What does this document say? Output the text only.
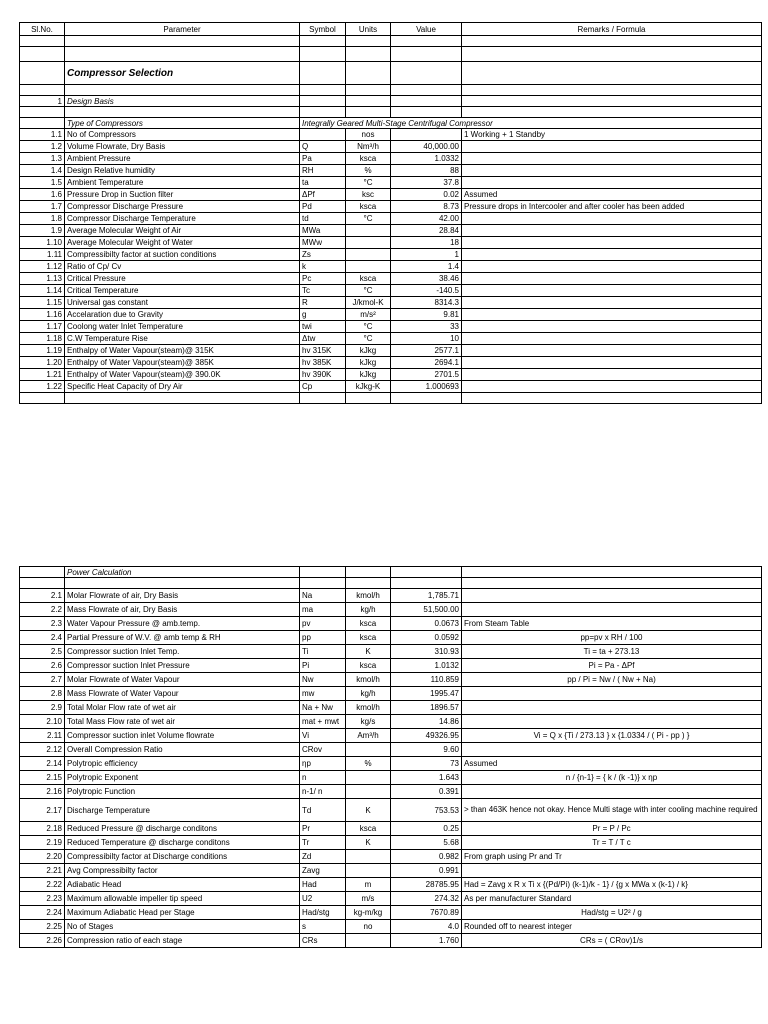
Sl.No.	Parameter	Symbol	Units	Value	Remarks / Formula

	Compressor Selection				

1	Design Basis				

	Type of Compressors	Integrally Geared Multi-Stage Centrifugal Compressor			
1.1	No of Compressors		nos		1 Working + 1 Standby
1.2	Volume Flowrate, Dry Basis	Q	Nm³/h	40,000.00	
1.3	Ambient Pressure	Pa	ksca	1.0332	
1.4	Design Relative humidity	RH	%	88	
1.5	Ambient Temperature	ta	°C	37.8	
1.6	Pressure Drop in Suction filter	ΔPf	ksc	0.02	Assumed
1.7	Compressor Discharge Pressure	Pd	ksca	8.73	Pressure drops in Intercooler and after cooler has been added
1.8	Compressor Discharge Temperature	td	°C	42.00	
1.9	Average Molecular Weight of Air	MWa		28.84	
1.10	Average Molecular Weight of Water	MWw		18	
1.11	Compressibilty factor at suction conditions	Zs		1	
1.12	Ratio of Cp/ Cv	k		1.4	
1.13	Critical Pressure	Pc	ksca	38.46	
1.14	Critical Temperature	Tc	°C	-140.5	
1.15	Universal gas constant	R	J/kmol-K	8314.3	
1.16	Accelaration due to Gravity	g	m/s²	9.81	
1.17	Coolong water Inlet Temperature	twi	°C	33	
1.18	C.W Temperature Rise	Δtw	°C	10	
1.19	Enthalpy of Water Vapour(steam)@ 315K	hv 315K	kJkg	2577.1	
1.20	Enthalpy of Water Vapour(steam)@ 385K	hv 385K	kJkg	2694.1	
1.21	Enthalpy of Water Vapour(steam)@ 390.0K	hv 390K	kJkg	2701.5	
1.22	Specific Heat Capacity of Dry Air	Cp	kJkg-K	1.000693	

	Power Calculation				

2.1	Molar Flowrate of air, Dry Basis	Na	kmol/h	1,785.71	
2.2	Mass Flowrate of air, Dry Basis	ma	kg/h	51,500.00	
2.3	Water Vapour Pressure @ amb.temp.	pv	ksca	0.0673	From Steam Table
2.4	Partial Pressure of W.V. @ amb temp & RH	pp	ksca	0.0592	pp=pv x RH / 100
2.5	Compressor suction Inlet Temp.	Ti	K	310.93	Ti = ta + 273.13
2.6	Compressor suction Inlet Pressure	Pi	ksca	1.0132	Pi = Pa - ΔPf
2.7	Molar Flowrate of Water Vapour	Nw	kmol/h	110.859	pp / Pi = Nw / ( Nw + Na)
2.8	Mass Flowrate of Water Vapour	mw	kg/h	1995.47	
2.9	Total Molar Flow rate of wet air	Na + Nw	kmol/h	1896.57	
2.10	Total Mass Flow rate of wet air	mat + mwt	kg/s	14.86	
2.11	Compressor suction inlet Volume flowrate	Vi	Am³/h	49326.95	Vi = Q x {Ti / 273.13 } x {1.0334 / ( Pi - pp ) }
2.12	Overall Compression Ratio	CRov		9.60	
2.14	Polytropic efficiency	ηp	%	73	Assumed
2.15	Polytropic Exponent	n		1.643	n / {n-1} = { k / (k -1)} x ηp
2.16	Polytropic Function	n-1/ n		0.391	
2.17	Discharge Temperature	Td	K	753.53	> than 463K hence not okay. Hence Multi stage with inter cooling machine required
2.18	Reduced Pressure @ discharge conditons	Pr	ksca	0.25	Pr = P / Pc
2.19	Reduced Temperature @ discharge conditons	Tr	K	5.68	Tr = T / T c
2.20	Compressibilty factor at Discharge conditions	Zd		0.982	From graph using Pr and Tr
2.21	Avg Compressibilty factor	Zavg		0.991	
2.22	Adiabatic Head	Had	m	28785.95	Had = Zavg x R x Ti x {(Pd/Pi) (k-1)/k - 1} / {g x MWa x (k-1) / k}
2.23	Maximum allowable impeller tip speed	U2	m/s	274.32	As per manufacturer Standard
2.24	Maximum Adiabatic Head per Stage	Had/stg	kg-m/kg	7670.89	Had/stg = U2² / g
2.25	No of Stages	s	no	4.0	Rounded off to nearest integer
2.26	Compression ratio of each stage	CRs		1.760	CRs = ( CRov)1/s
